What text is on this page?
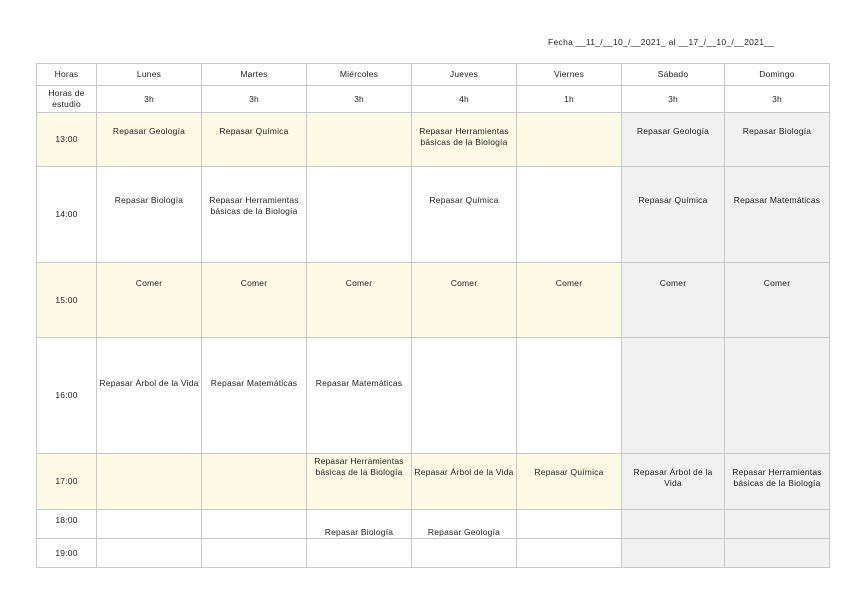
Fecha __11_/__10_/__2021_ al __17_/__10_/__2021__
Horas	Lunes	Martes	Miércoles	Jueves	Viernes	Sábado	Domingo
Horas de estudio	3h	3h	3h	4h	1h	3h	3h
13:00	Repasar Geología	Repasar Química		Repasar Herramientas básicas de la Biología		Repasar Geología	Repasar Biología
14:00	Repasar Biología	Repasar Herramientas básicas de la Biología		Repasar Química		Repasar Química	Repasar Matemáticas
15:00	Comer	Comer	Comer	Comer	Comer	Comer	Comer
16:00	Repasar Árbol de la Vida	Repasar Matemáticas	Repasar Matemáticas				
17:00			Repasar Herramientas básicas de la Biología	Repasar Árbol de la Vida	Repasar Química	Repasar Árbol de la Vida	Repasar Herramientas básicas de la Biología
18:00			Repasar Biología	Repasar Geología			
19:00							
